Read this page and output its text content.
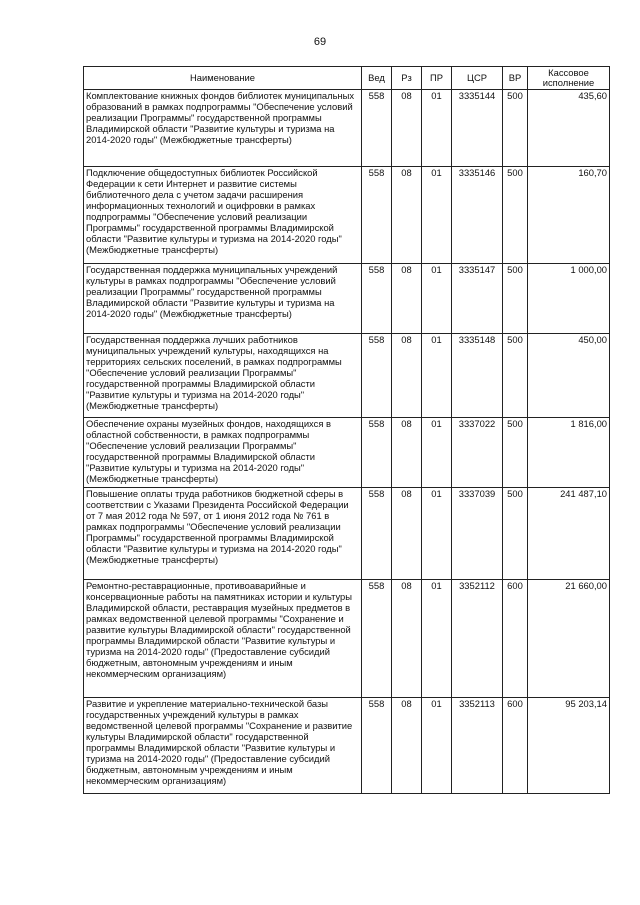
69
Наименование	Вед	Рз	ПР	ЦСР	ВР	Кассовое исполнение
Комплектование книжных фондов библиотек муниципальных образований в рамках подпрограммы "Обеспечение условий реализации Программы" государственной программы Владимирской области "Развитие культуры и туризма на 2014-2020 годы" (Межбюджетные трансферты)	558	08	01	3335144	500	435,60
Подключение общедоступных библиотек Российской Федерации к сети Интернет и развитие системы библиотечного дела с учетом задачи расширения информационных технологий и оцифровки в рамках подпрограммы "Обеспечение условий реализации Программы" государственной программы Владимирской области "Развитие культуры и туризма на 2014-2020 годы" (Межбюджетные трансферты)	558	08	01	3335146	500	160,70
Государственная поддержка муниципальных учреждений культуры в рамках подпрограммы "Обеспечение условий реализации Программы" государственной программы Владимирской области "Развитие культуры и туризма на 2014-2020 годы" (Межбюджетные трансферты)	558	08	01	3335147	500	1 000,00
Государственная поддержка лучших работников муниципальных учреждений культуры, находящихся на территориях сельских поселений, в рамках подпрограммы "Обеспечение условий реализации Программы" государственной программы Владимирской области "Развитие культуры и туризма на 2014-2020 годы" (Межбюджетные трансферты)	558	08	01	3335148	500	450,00
Обеспечение охраны музейных фондов, находящихся в областной собственности, в рамках подпрограммы "Обеспечение условий реализации Программы" государственной программы Владимирской области "Развитие культуры и туризма на 2014-2020 годы" (Межбюджетные трансферты)	558	08	01	3337022	500	1 816,00
Повышение оплаты труда работников бюджетной сферы в соответствии с Указами Президента Российской Федерации от 7 мая 2012 года № 597, от 1 июня 2012 года № 761 в рамках подпрограммы "Обеспечение условий реализации Программы" государственной программы Владимирской области "Развитие культуры и туризма на 2014-2020 годы" (Межбюджетные трансферты)	558	08	01	3337039	500	241 487,10
Ремонтно-реставрационные, противоаварийные и консервационные работы на памятниках истории и культуры Владимирской области, реставрация музейных предметов в рамках ведомственной целевой программы "Сохранение и развитие культуры Владимирской области" государственной программы Владимирской области "Развитие культуры и туризма на 2014-2020 годы" (Предоставление субсидий бюджетным, автономным учреждениям и иным некоммерческим организациям)	558	08	01	3352112	600	21 660,00
Развитие и укрепление материально-технической базы государственных учреждений культуры в рамках ведомственной целевой программы "Сохранение и развитие культуры Владимирской области" государственной программы Владимирской области "Развитие культуры и туризма на 2014-2020 годы" (Предоставление субсидий бюджетным, автономным учреждениям и иным некоммерческим организациям)	558	08	01	3352113	600	95 203,14
